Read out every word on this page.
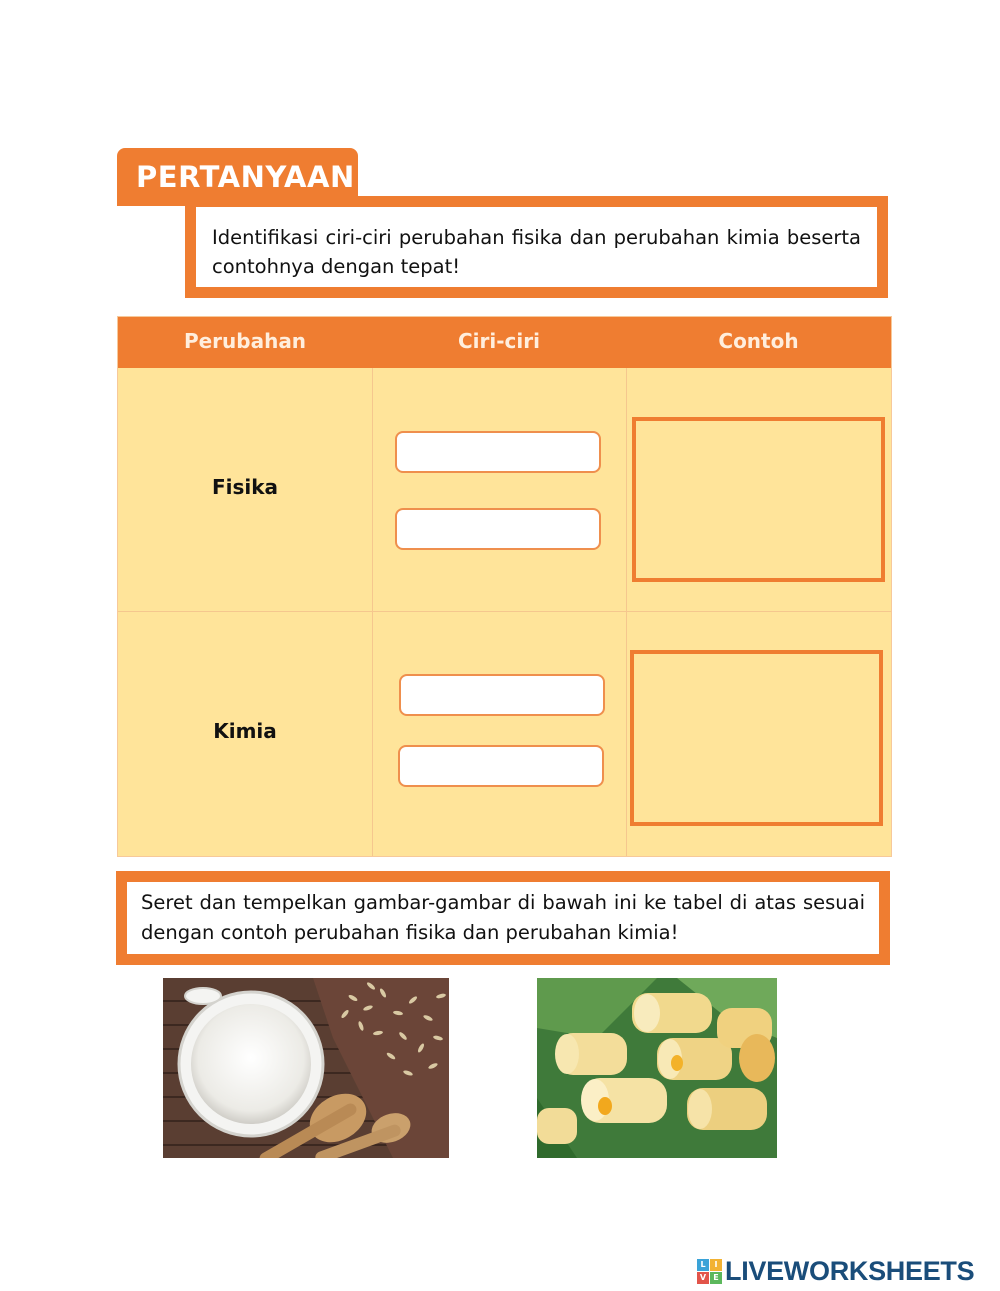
PERTANYAAN
Identifikasi ciri-ciri perubahan fisika dan perubahan kimia beserta contohnya dengan tepat!
Perubahan	Ciri-ciri	Contoh
Fisika
Kimia
Seret dan tempelkan gambar-gambar di bawah ini ke tabel di atas sesuai dengan contoh perubahan fisika dan perubahan kimia!
L	I
V E LIVEWORKSHEETS
